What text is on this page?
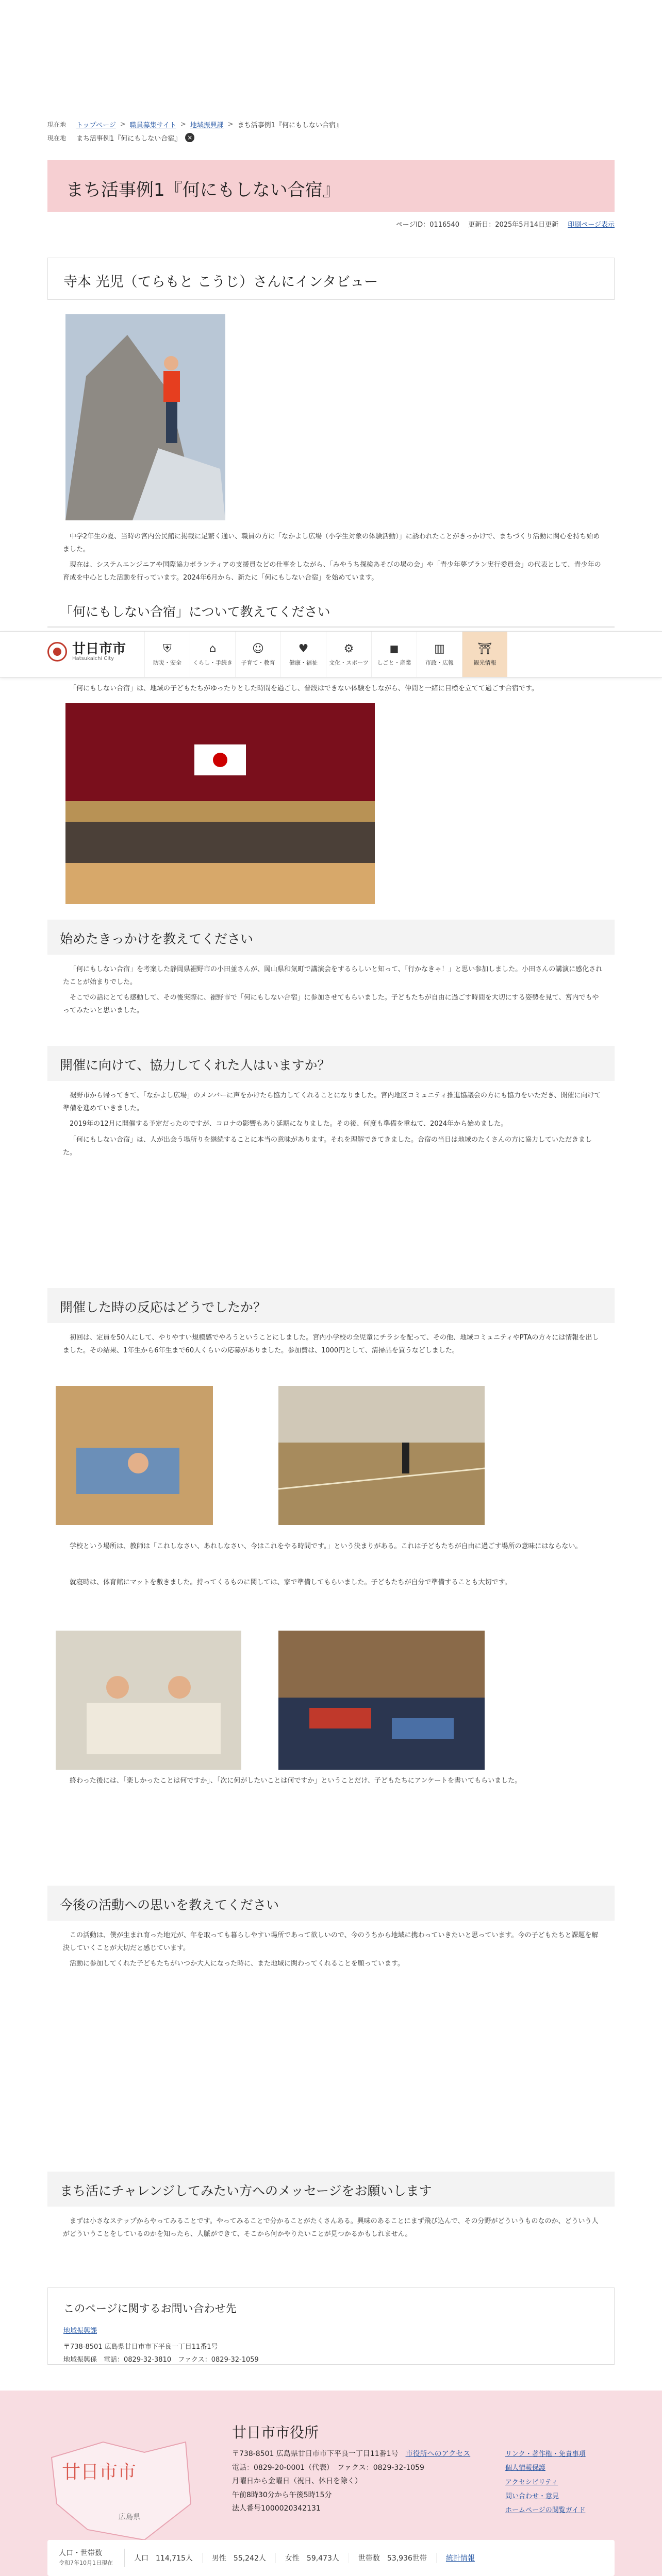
現在地	トップページ > 職員募集サイト > 地域振興課 > まち活事例1『何にもしない合宿』
現在地	まち活事例1『何にもしない合宿』 ×
まち活事例1『何にもしない合宿』
ページID：0116540　 更新日：2025年5月14日更新 印刷ページ表示
寺本 光児（てらもと こうじ）さんにインタビュー

中学2年生の夏、当時の宮内公民館に掲載に足繁く通い、職員の方に「なかよし広場（小学生対象の体験活動）」に誘われたことがきっかけで、まちづくり活動に関心を持ち始めました。

現在は、システムエンジニアや国際協力ボランティアの支援員などの仕事をしながら、「みやうち探検あそびの場の会」や「青少年夢プラン実行委員会」の代表として、青少年の育成を中心とした活動を行っています。2024年6月から、新たに「何にもしない合宿」を始めています。

「何にもしない合宿」について教えてください
廿日市市
Hatsukaichi City
⛨
防災・安全
⌂
くらし・手続き
☺
子育て・教育
♥
健康・福祉
⚙
文化・スポーツ
◼
しごと・産業
▥
市政・広報
⛩
観光情報

「何にもしない合宿」は、地域の子どもたちがゆったりとした時間を過ごし、普段はできない体験をしながら、仲間と一緒に目標を立てて過ごす合宿です。

始めたきっかけを教えてください

「何にもしない合宿」を考案した静岡県裾野市の小田並さんが、岡山県和気町で講演会をするらしいと知って、「行かなきゃ！」と思い参加しました。小田さんの講演に感化されたことが始まりでした。

そこでの話にとても感動して、その後実際に、裾野市で「何にもしない合宿」に参加させてもらいました。子どもたちが自由に過ごす時間を大切にする姿勢を見て、宮内でもやってみたいと思いました。

開催に向けて、協力してくれた人はいますか？

裾野市から帰ってきて、「なかよし広場」のメンバーに声をかけたら協力してくれることになりました。宮内地区コミュニティ推進協議会の方にも協力をいただき、開催に向けて準備を進めていきました。

2019年の12月に開催する予定だったのですが、コロナの影響もあり延期になりました。その後、何度も準備を重ねて、2024年から始めました。

「何にもしない合宿」は、人が出会う場所りを継続することに本当の意味があります。それを理解できてきました。合宿の当日は地域のたくさんの方に協力していただきました。

開催した時の反応はどうでしたか？

初回は、定員を50人にして、やりやすい規模感でやろうということにしました。宮内小学校の全児童にチラシを配って、その他、地域コミュニティやPTAの方々には情報を出しました。その結果、1年生から6年生まで60人くらいの応募がありました。参加費は、1000円として、清掃品を買うなどしました。

学校という場所は、教師は「これしなさい、あれしなさい、今はこれをやる時間です。」という決まりがある。これは子どもたちが自由に過ごす場所の意味にはならない。

就寝時は、体育館にマットを敷きました。持ってくるものに関しては、家で準備してもらいました。子どもたちが自分で準備することも大切です。

終わった後には、「楽しかったことは何ですか」、「次に何がしたいことは何ですか」ということだけ、子どもたちにアンケートを書いてもらいました。

今後の活動への思いを教えてください

この活動は、僕が生まれ育った地元が、年を取っても暮らしやすい場所であって欲しいので、今のうちから地域に携わっていきたいと思っています。今の子どもたちと課題を解決していくことが大切だと感じています。

活動に参加してくれた子どもたちがいつか大人になった時に、また地域に関わってくれることを願っています。

まち活にチャレンジしてみたい方へのメッセージをお願いします

まずは小さなステップからやってみることです。やってみることで分かることがたくさんある。興味のあることにまず飛び込んで、その分野がどういうものなのか、どういう人がどういうことをしているのかを知ったら、人脈ができて、そこから何かやりたいことが見つかるかもしれません。

このページに関するお問い合わせ先
地域振興課
〒738-8501 広島県廿日市市下平良一丁目11番1号
地域振興係　電話：0829-32-3810　ファクス：0829-32-1059
廿日市市
広島県
廿日市市役所
〒738-8501 広島県廿日市市下平良一丁目11番1号　 市役所へのアクセス
電話：0829-20-0001（代表）　ファクス：0829-32-1059
月曜日から金曜日（祝日、休日を除く）
午前8時30分から午後5時15分
法人番号1000020342131
リンク・著作権・免責事項
個人情報保護
アクセシビリティ
問い合わせ・意見
ホームページの閲覧ガイド
人口・世帯数
令和7年10月1日現在
人口 114,715人	男性 55,242人	女性 59,473人	世帯数 53,936世帯	統計情報
